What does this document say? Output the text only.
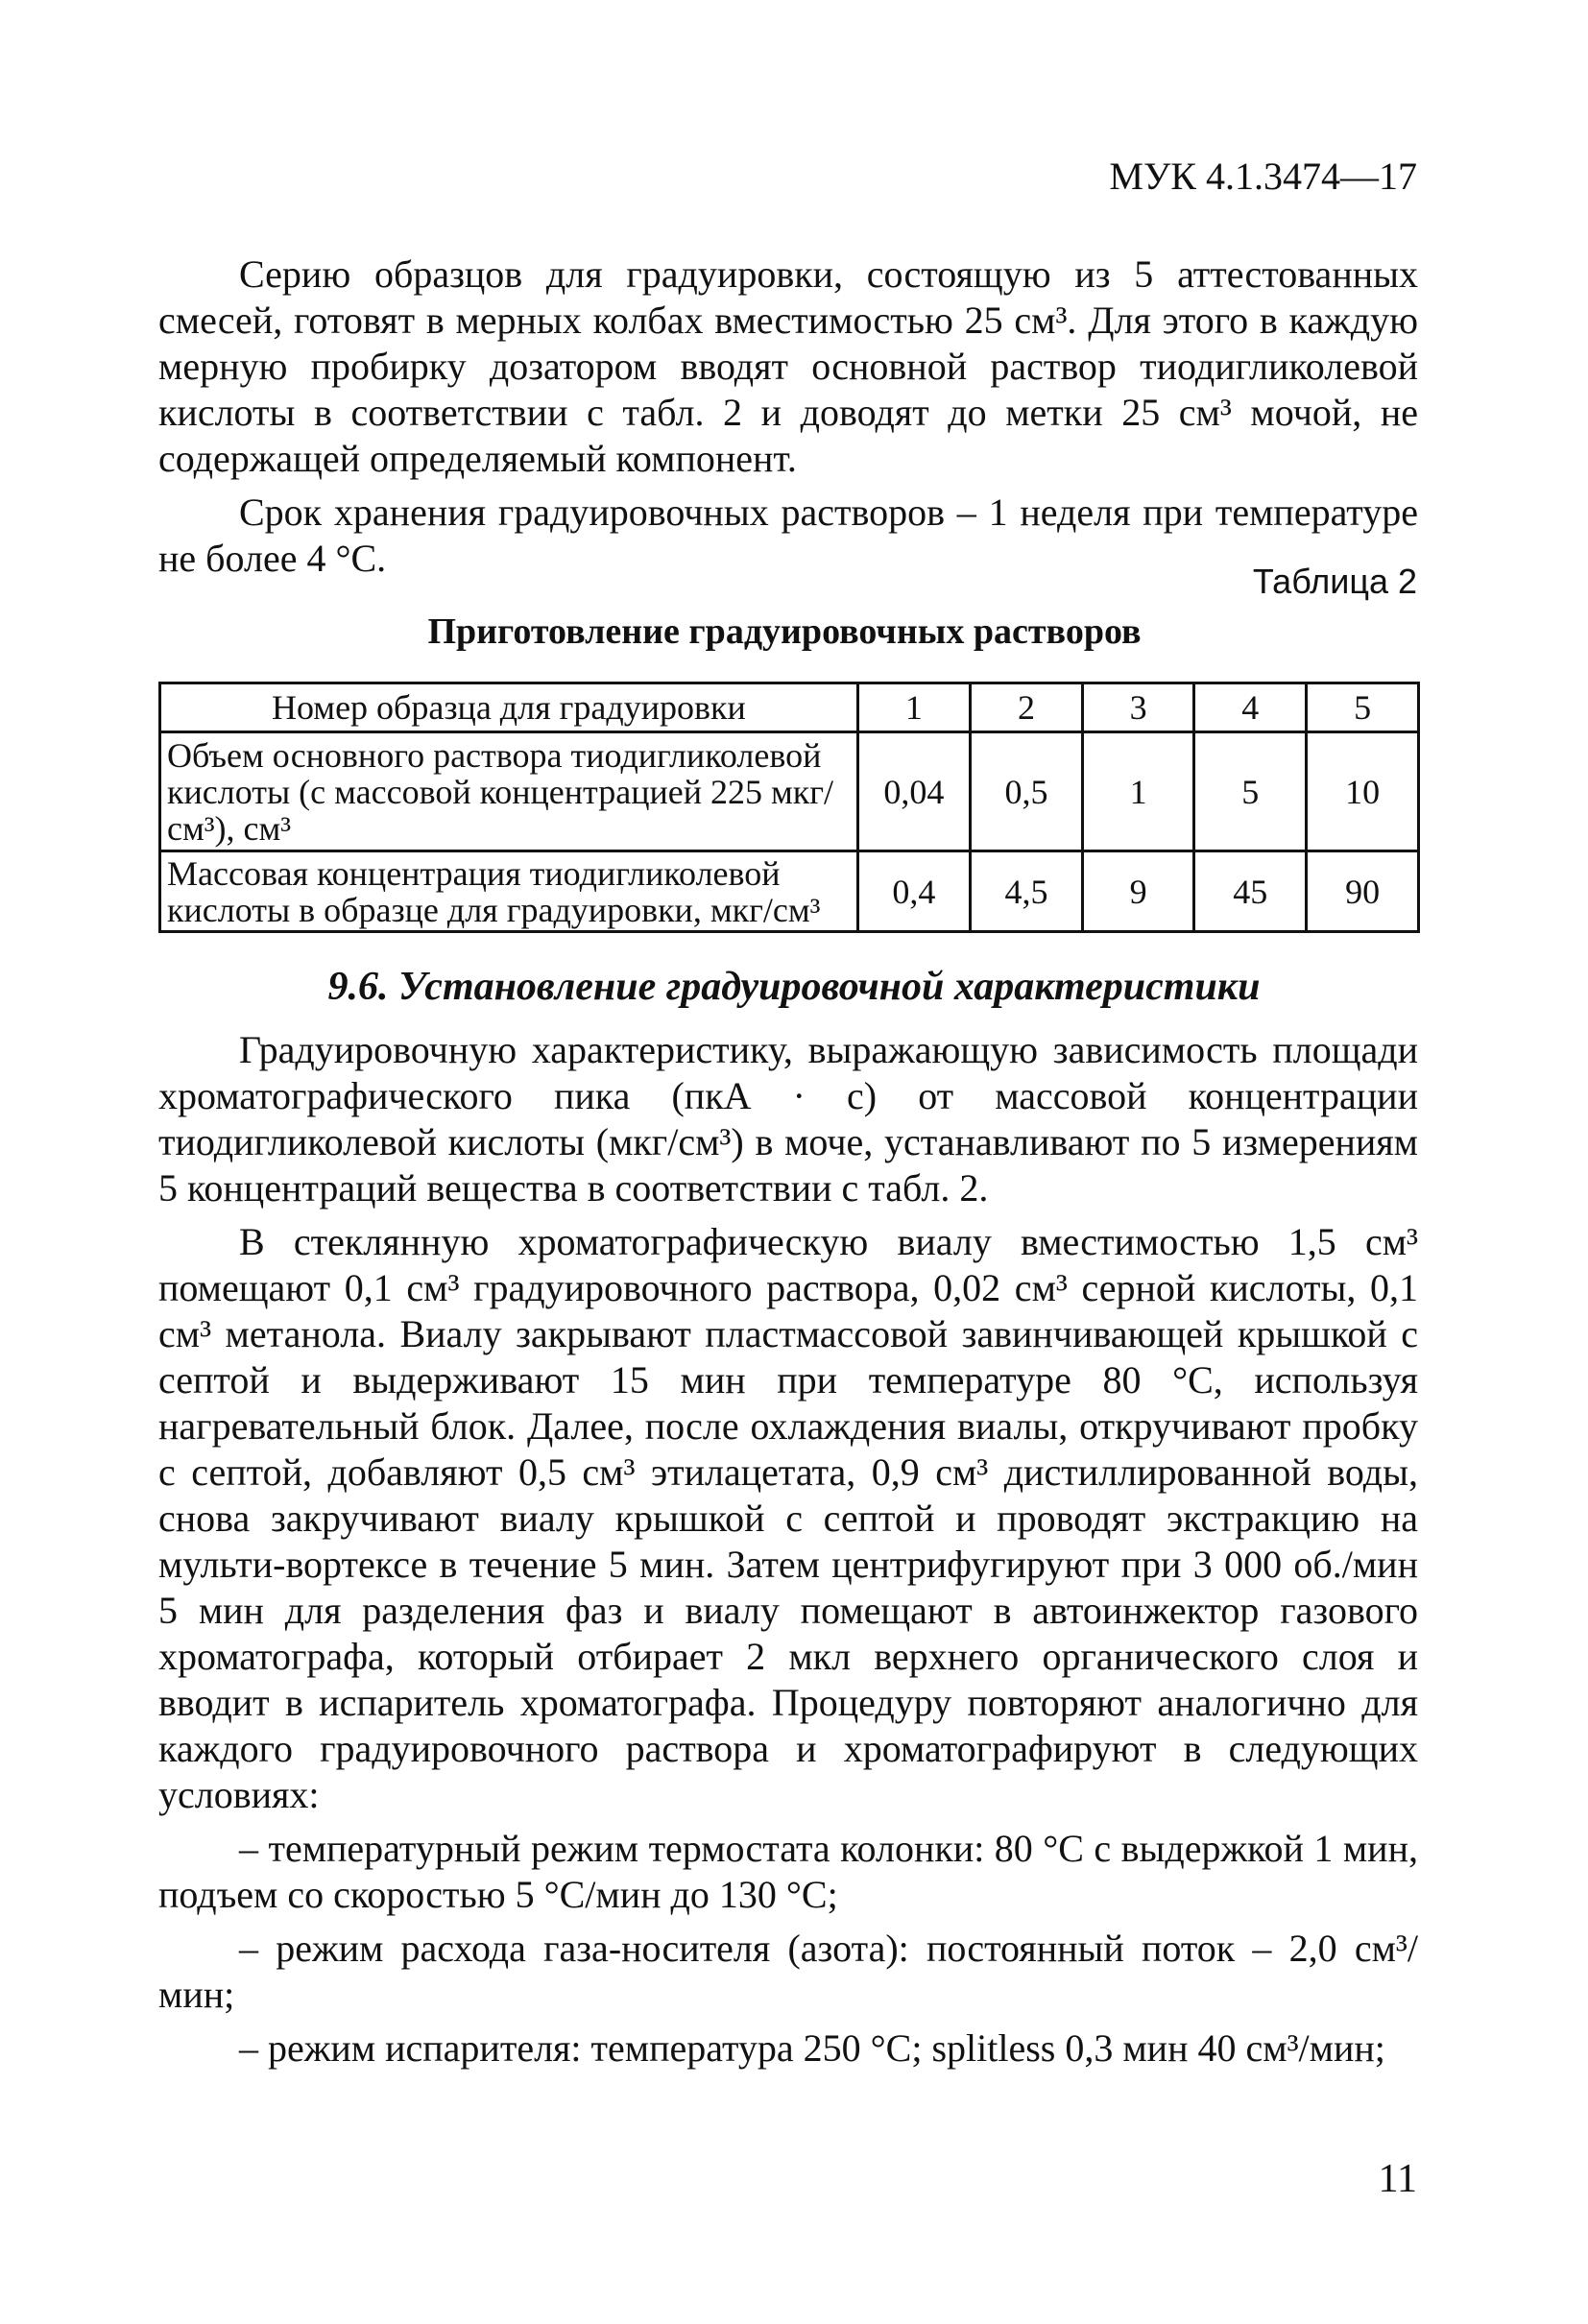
МУК 4.1.3474—17

Серию образцов для градуировки, состоящую из 5 аттестованных смесей, готовят в мерных колбах вместимостью 25 см³. Для этого в каждую мерную пробирку дозатором вводят основной раствор тиодигликолевой кислоты в соответствии с табл. 2 и доводят до метки 25 см³ мочой, не содержащей определяемый компонент.

Срок хранения градуировочных растворов – 1 неделя при температуре не более 4 °С.

Таблица 2
Приготовление градуировочных растворов
Номер образца для градуировки	1	2	3	4	5
Объем основного раствора тиодигликолевой кислоты (с массовой концентрацией 225 мкг/см³), см³	0,04	0,5	1	5	10
Массовая концентрация тиодигликолевой кислоты в образце для градуировки, мкг/см³	0,4	4,5	9	45	90
9.6. Установление градуировочной характеристики

Градуировочную характеристику, выражающую зависимость площади хроматографического пика (пкА · с) от массовой концентрации тиодигликолевой кислоты (мкг/см³) в моче, устанавливают по 5 измерениям 5 концентраций вещества в соответствии с табл. 2.

В стеклянную хроматографическую виалу вместимостью 1,5 см³ помещают 0,1 см³ градуировочного раствора, 0,02 см³ серной кислоты, 0,1 см³ метанола. Виалу закрывают пластмассовой завинчивающей крышкой с септой и выдерживают 15 мин при температуре 80 °С, используя нагревательный блок. Далее, после охлаждения виалы, откручивают пробку с септой, добавляют 0,5 см³ этилацетата, 0,9 см³ дистиллированной воды, снова закручивают виалу крышкой с септой и проводят экстракцию на мульти-вортексе в течение 5 мин. Затем центрифугируют при 3 000 об./мин 5 мин для разделения фаз и виалу помещают в автоинжектор газового хроматографа, который отбирает 2 мкл верхнего органического слоя и вводит в испаритель хроматографа. Процедуру повторяют аналогично для каждого градуировочного раствора и хроматографируют в следующих условиях:

– температурный режим термостата колонки: 80 °С с выдержкой 1 мин, подъем со скоростью 5 °С/мин до 130 °С;

– режим расхода газа-носителя (азота): постоянный поток – 2,0 см³/мин;

– режим испарителя: температура 250 °С; splitless 0,3 мин 40 см³/мин;

11
